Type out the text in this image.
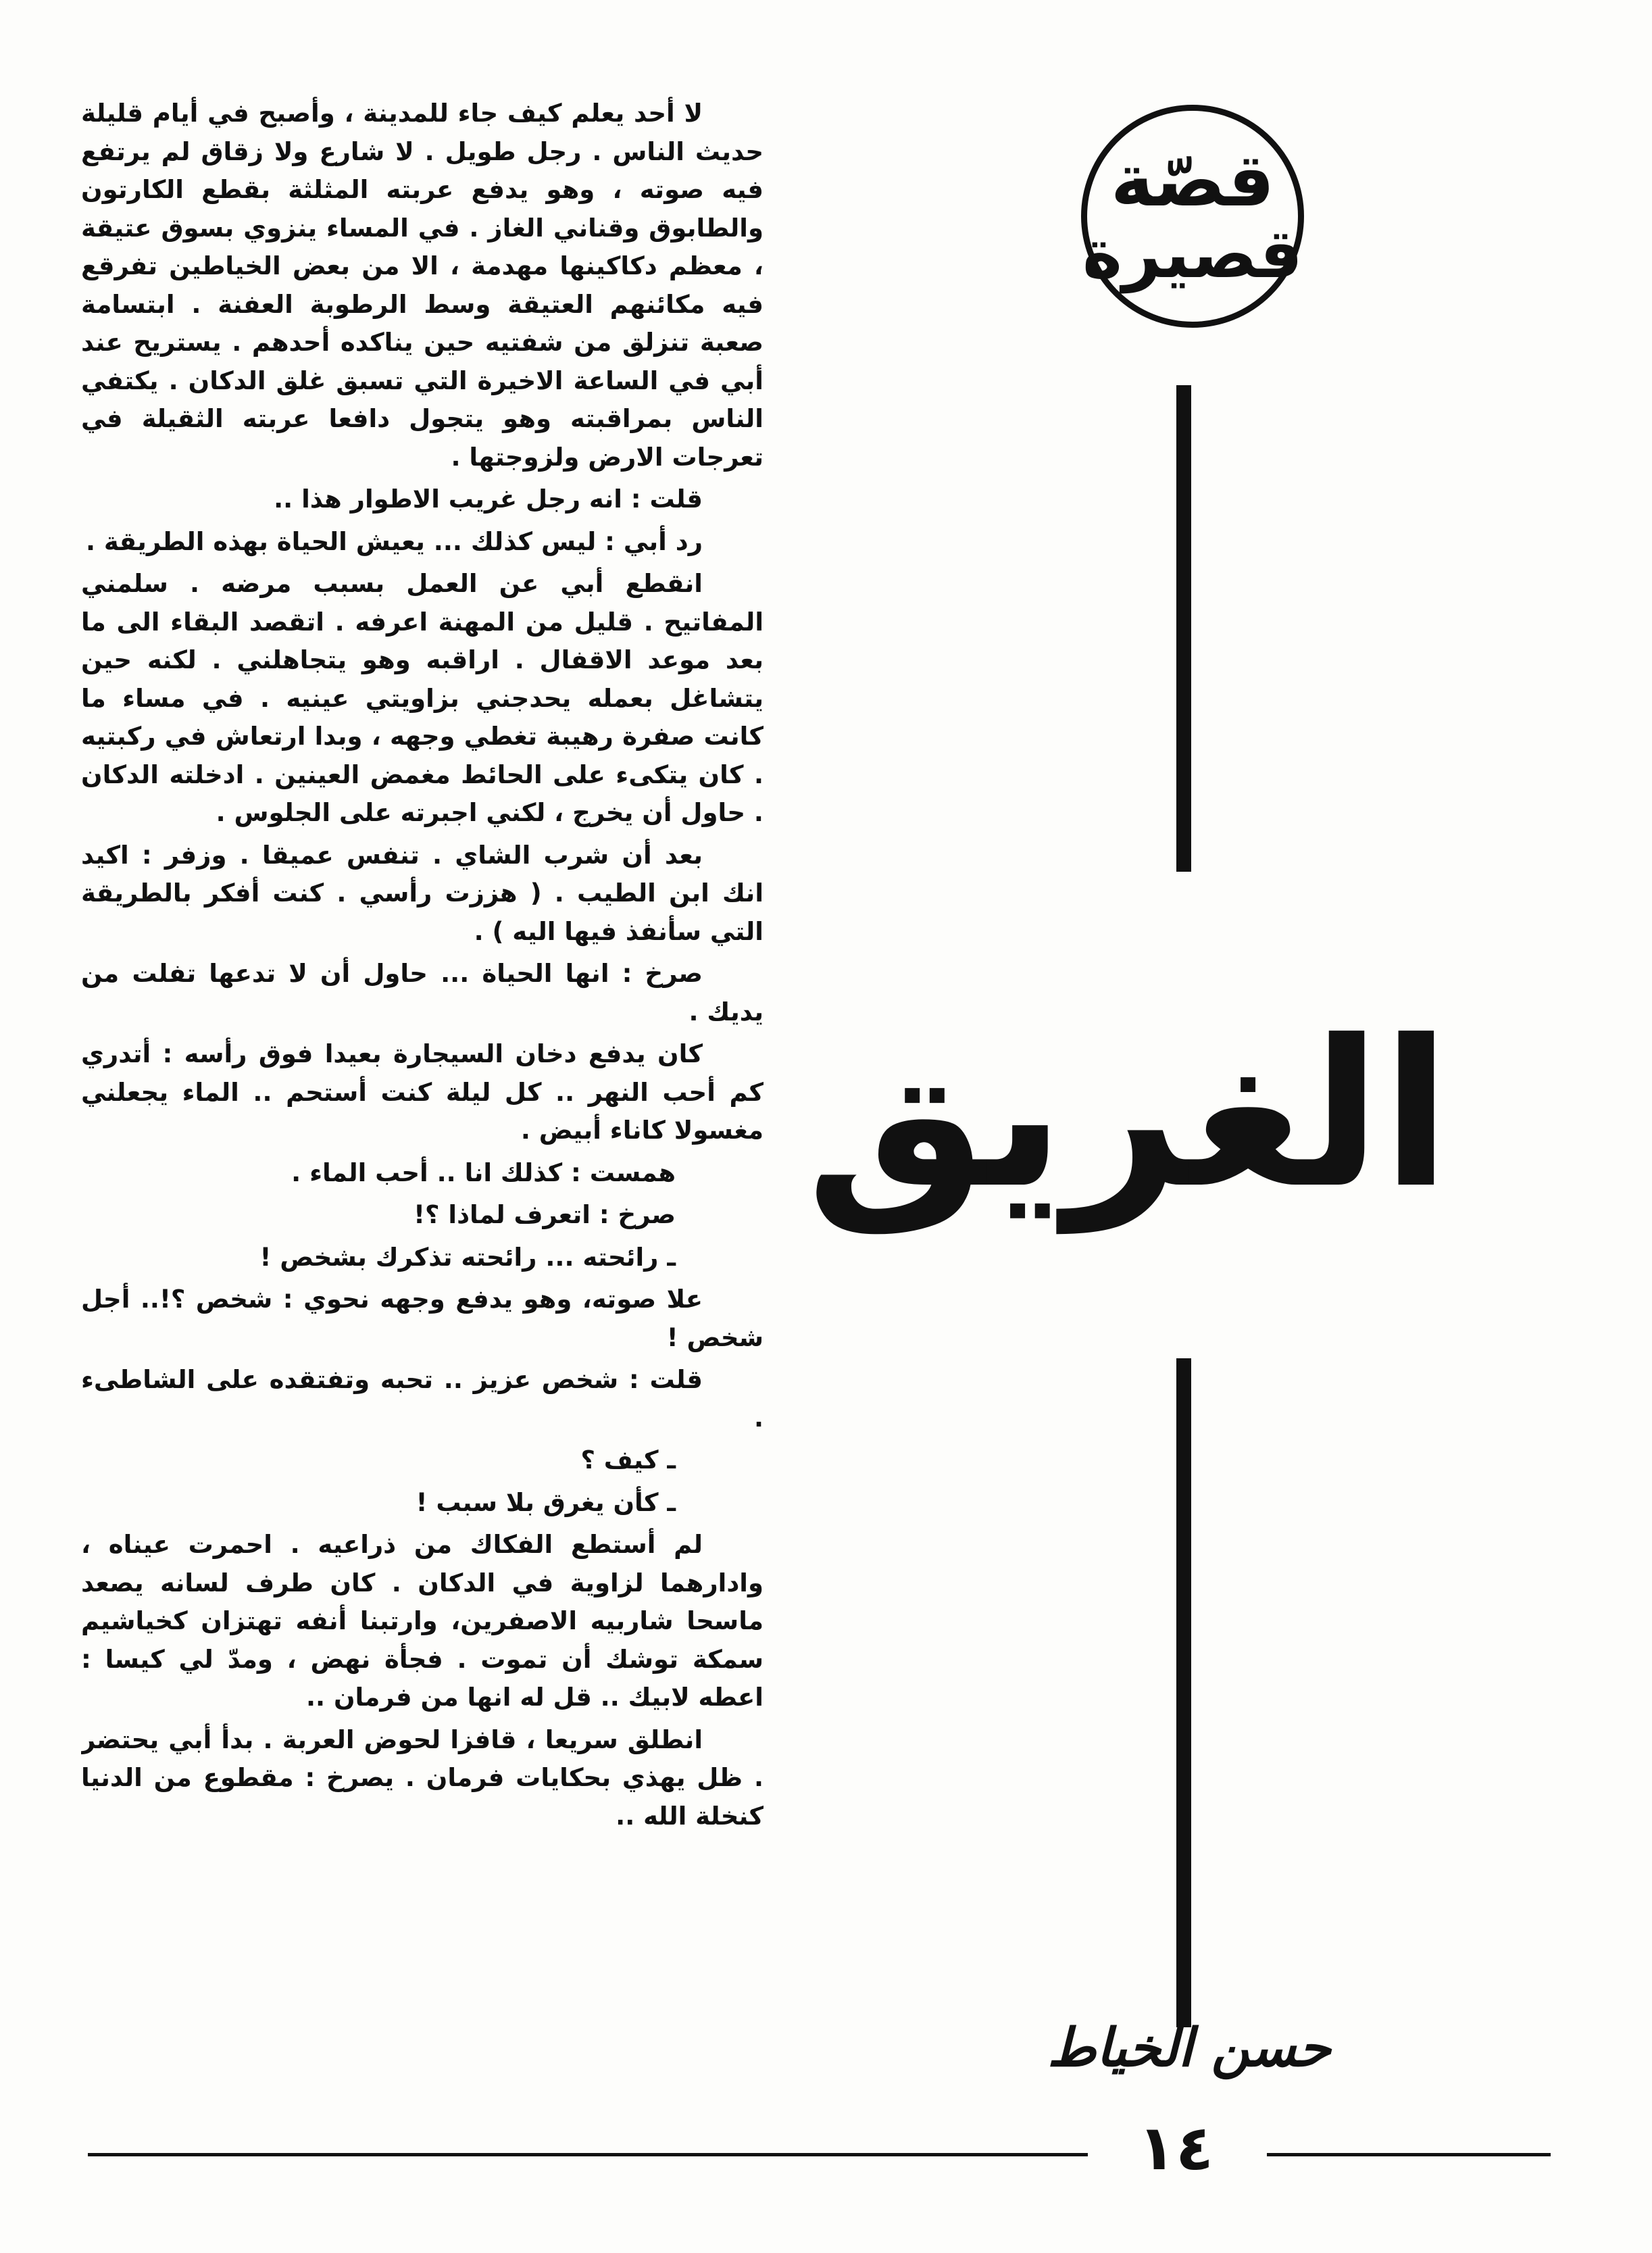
لا أحد يعلم كيف جاء للمدينة ، وأصبح في أيام قليلة حديث الناس . رجل طويل . لا شارع ولا زقاق لم يرتفع فيه صوته ، وهو يدفع عربته المثلثة بقطع الكارتون والطابوق وقناني الغاز . في المساء ينزوي بسوق عتيقة ، معظم دكاكينها مهدمة ، الا من بعض الخياطين تفرقع فيه مكائنهم العتيقة وسط الرطوبة العفنة . ابتسامة صعبة تنزلق من شفتيه حين يناكده أحدهم . يستريح عند أبي في الساعة الاخيرة التي تسبق غلق الدكان . يكتفي الناس بمراقبته وهو يتجول دافعا عربته الثقيلة في تعرجات الارض ولزوجتها .

قلت : انه رجل غريب الاطوار هذا ..

رد أبي : ليس كذلك ... يعيش الحياة بهذه الطريقة .

انقطع أبي عن العمل بسبب مرضه . سلمني المفاتيح . قليل من المهنة اعرفه . اتقصد البقاء الى ما بعد موعد الاقفال . اراقبه وهو يتجاهلني . لكنه حين يتشاغل بعمله يحدجني بزاويتي عينيه . في مساء ما كانت صفرة رهيبة تغطي وجهه ، وبدا ارتعاش في ركبتيه . كان يتكىء على الحائط مغمض العينين . ادخلته الدكان . حاول أن يخرج ، لكني اجبرته على الجلوس .

بعد أن شرب الشاي . تنفس عميقا . وزفر : اكيد انك ابن الطيب . ( هززت رأسي . كنت أفكر بالطريقة التي سأنفذ فيها اليه ) .

صرخ : انها الحياة ... حاول أن لا تدعها تفلت من يديك .

كان يدفع دخان السيجارة بعيدا فوق رأسه : أتدري كم أحب النهر .. كل ليلة كنت أستحم .. الماء يجعلني مغسولا كاناء أبيض .

همست : كذلك انا .. أحب الماء .

صرخ : اتعرف لماذا ؟!

ـ رائحته ... رائحته تذكرك بشخص !

علا صوته، وهو يدفع وجهه نحوي : شخص ؟!.. أجل شخص !

قلت : شخص عزيز .. تحبه وتفتقده على الشاطىء .

ـ كيف ؟

ـ كأن يغرق بلا سبب !

لم أستطع الفكاك من ذراعيه . احمرت عيناه ، وادارهما لزاوية في الدكان . كان طرف لسانه يصعد ماسحا شاربيه الاصفرين، وارتبنا أنفه تهتزان كخياشيم سمكة توشك أن تموت . فجأة نهض ، ومدّ لي كيسا : اعطه لابيك .. قل له انها من فرمان ..

انطلق سريعا ، قافزا لحوض العربة . بدأ أبي يحتضر . ظل يهذي بحكايات فرمان . يصرخ : مقطوع من الدنيا كنخلة الله ..

قصّة
قصيرة
الغريق
حسن الخياط
١٤
